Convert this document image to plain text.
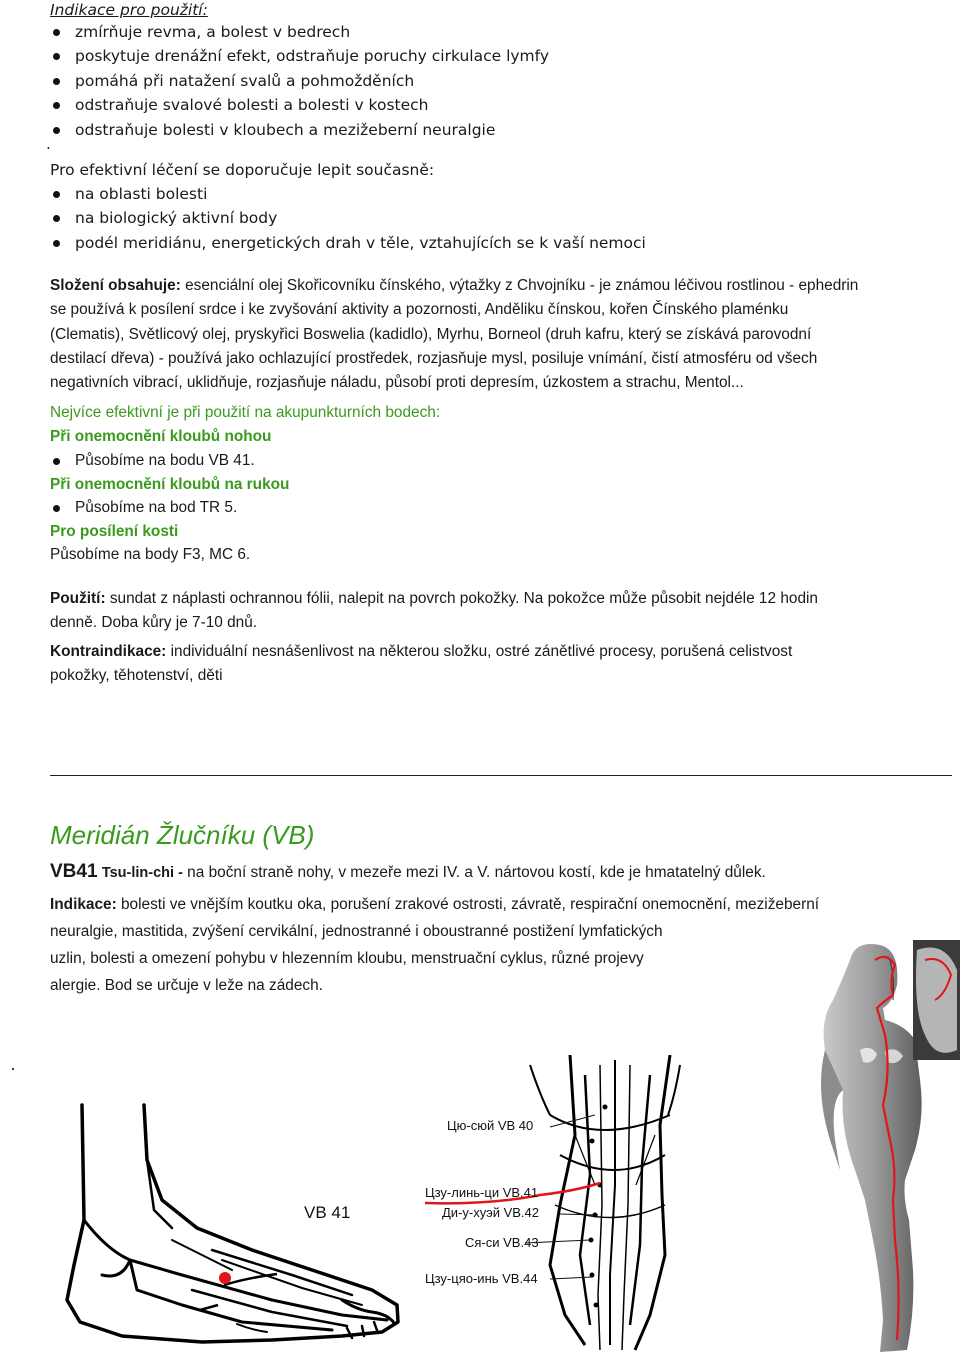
Indikace pro použití:
zmírňuje revma, a bolest v bedrech
poskytuje drenážní efekt, odstraňuje poruchy cirkulace lymfy
pomáhá při natažení svalů a pohmožděních
odstraňuje svalové bolesti a bolesti v kostech
odstraňuje bolesti v kloubech a mezižeberní neuralgie
.
Pro efektivní léčení se doporučuje lepit současně:
na oblasti bolesti
na biologický aktivní body
podél meridiánu, energetických drah v těle, vztahujících se k vaší nemoci
Složení obsahuje: esenciální olej Skořicovníku čínského, výtažky z Chvojníku - je známou léčivou rostlinou - ephedrin
se používá k posílení srdce i ke zvyšování aktivity a pozornosti, Anděliku čínskou, kořen Čínského plaménku
(Clematis), Světlicový olej, pryskyřici Boswelia (kadidlo), Myrhu, Borneol (druh kafru, který se získává parovodní
destilací dřeva) - používá jako ochlazující prostředek, rozjasňuje mysl, posiluje vnímání, čistí atmosféru od všech
negativních vibrací, uklidňuje, rozjasňuje náladu, působí proti depresím, úzkostem a strachu, Mentol...
Nejvíce efektivní je při použití na akupunkturních bodech:
Při onemocnění kloubů nohou
Působíme na bodu VB 41.
Při onemocnění kloubů na rukou
Působíme na bod TR 5.
Pro posílení kosti
Působíme na body F3, MC 6.
Použití: sundat z náplasti ochrannou fólii, nalepit na povrch pokožky. Na pokožce může působit nejdéle 12 hodin
denně. Doba kůry je 7-10 dnů.
Kontraindikace: individuální nesnášenlivost na některou složku, ostré zánětlivé procesy, porušená celistvost
pokožky, těhotenství, děti
Meridián Žlučníku (VB)
VB41 Tsu-lin-chi - na boční straně nohy, v mezeře mezi IV. a V. nártovou kostí, kde je hmatatelný důlek.
Indikace: bolesti ve vnějším koutku oka, porušení zrakové ostrosti, závratě, respirační onemocnění, mezižeberní
neuralgie, mastitida, zvýšení cervikální, jednostranné i oboustranné postižení lymfatických
uzlin, bolesti a omezení pohybu v hlezenním kloubu, menstruační cyklus, různé projevy
alergie. Bod se určuje v leže na zádech.
VB 41
Цю-сюй VB 40
Цзу-линь-ци VB.41
Ди-у-хуэй VB.42
Ся-си VB.43
Цзу-цяо-инь VB.44
